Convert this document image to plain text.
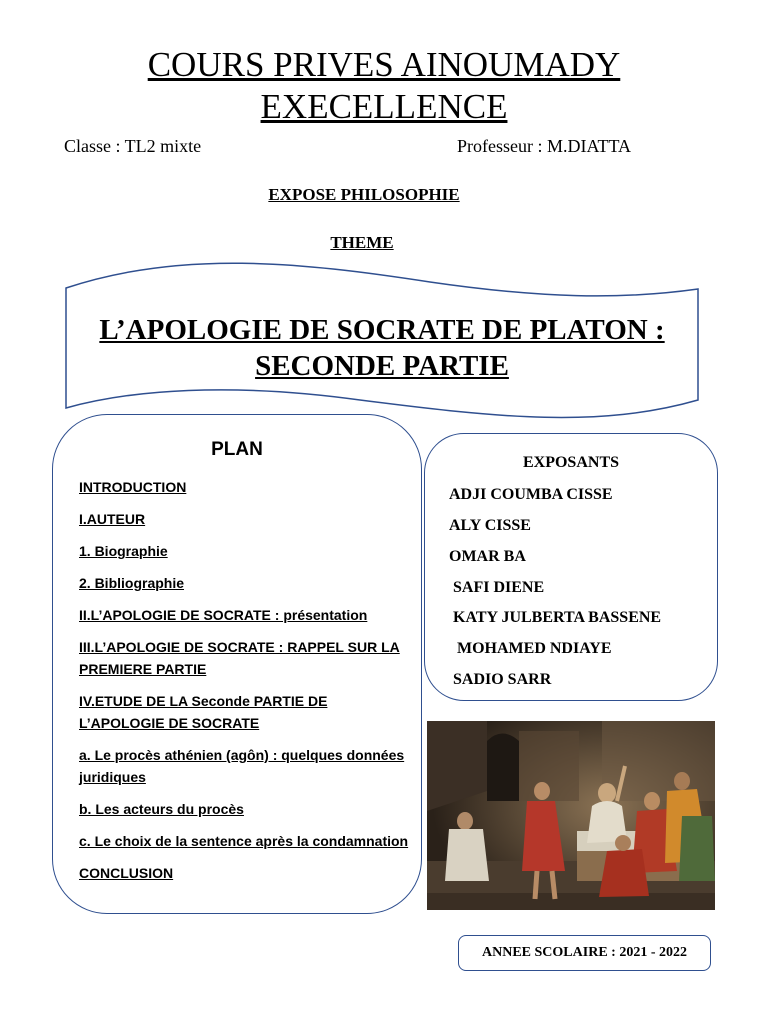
COURS PRIVES AINOUMADY
EXECELLENCE
Classe : TL2 mixte	Professeur : M.DIATTA
EXPOSE PHILOSOPHIE
THEME
L’APOLOGIE DE SOCRATE DE PLATON :
SECONDE PARTIE
PLAN
INTRODUCTION
I.AUTEUR
1. Biographie
2. Bibliographie
II.L’APOLOGIE DE SOCRATE : présentation
III.L’APOLOGIE DE SOCRATE : RAPPEL SUR LA PREMIERE PARTIE
IV.ETUDE DE LA Seconde PARTIE DE L’APOLOGIE DE SOCRATE
a. Le procès athénien (agôn) : quelques données juridiques
b. Les acteurs du procès
c. Le choix de la sentence après la condamnation
CONCLUSION
EXPOSANTS
ADJI COUMBA CISSE
ALY CISSE
OMAR BA
SAFI DIENE
KATY JULBERTA BASSENE
MOHAMED NDIAYE
SADIO SARR
ANNEE SCOLAIRE : 2021 - 2022
